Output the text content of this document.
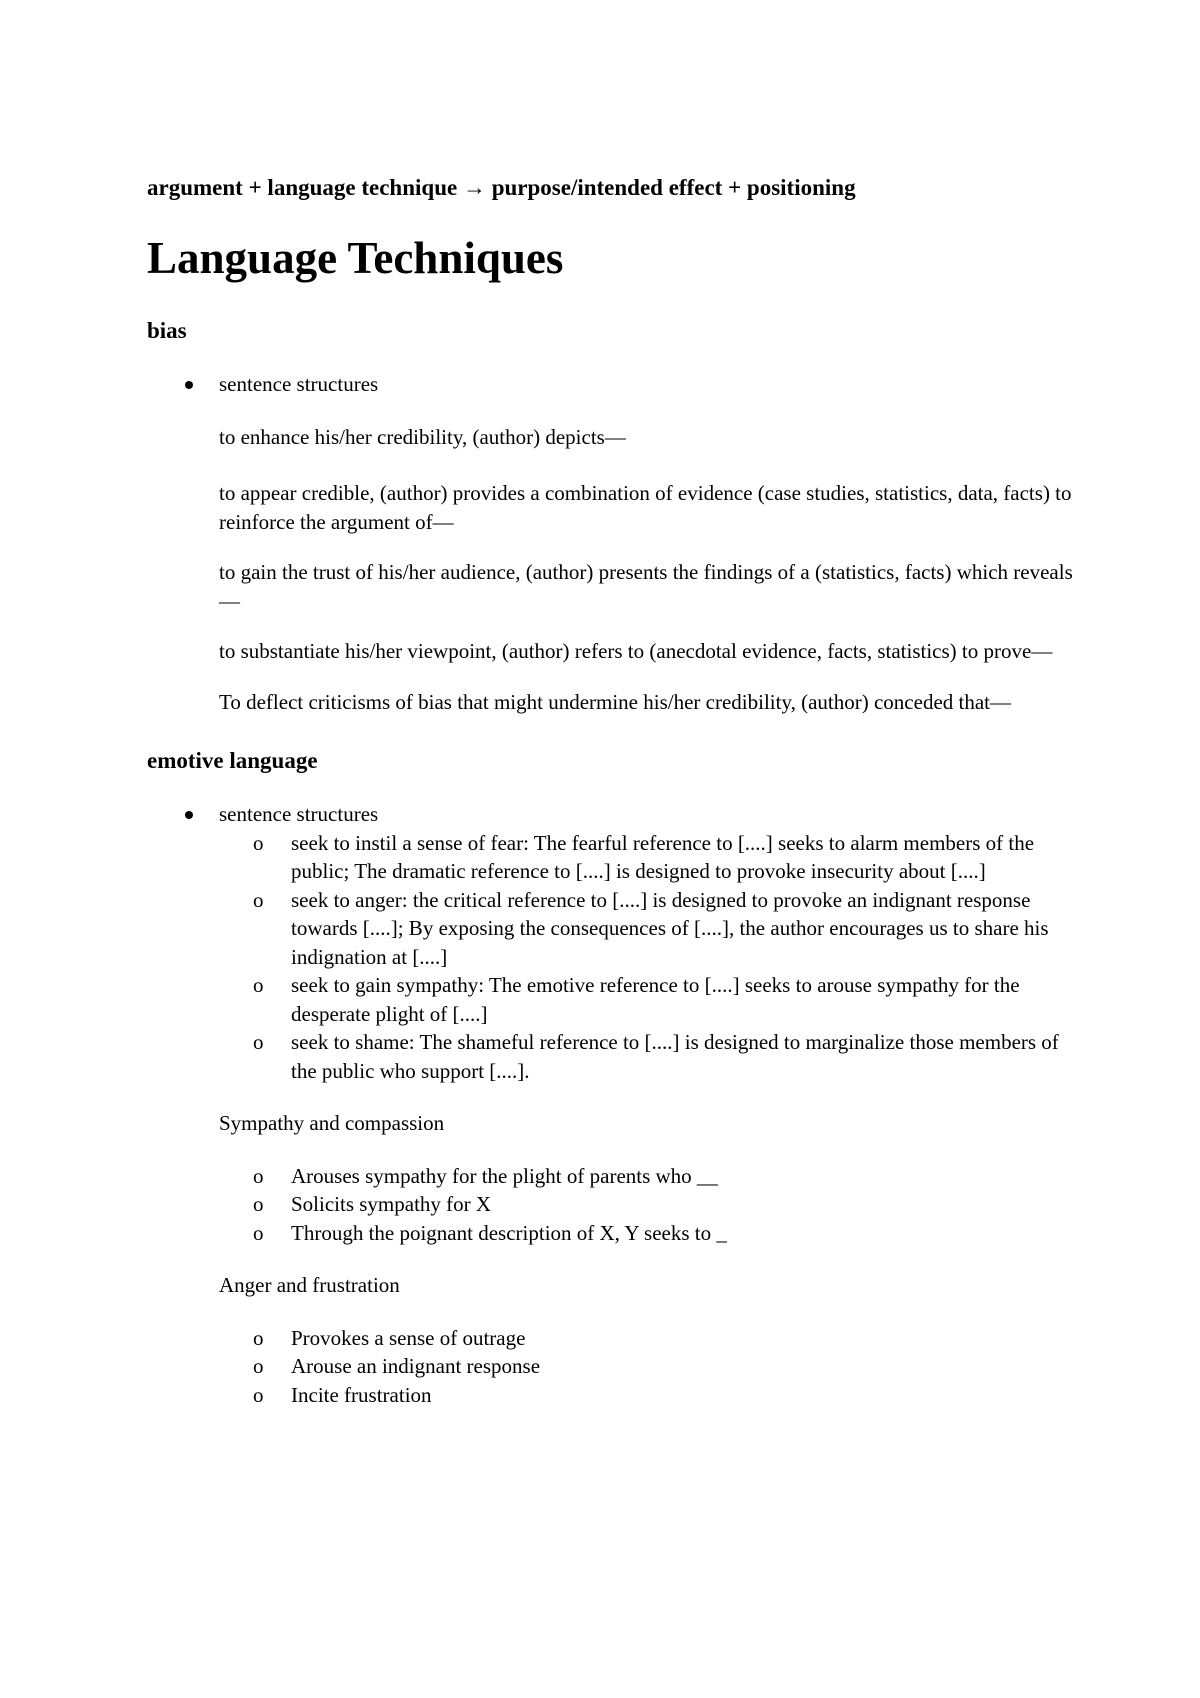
argument + language technique → purpose/intended effect + positioning

Language Techniques
bias
sentence structures

to enhance his/her credibility, (author) depicts—

to appear credible, (author) provides a combination of evidence (case studies, statistics, data, facts) to reinforce the argument of—

to gain the trust of his/her audience, (author) presents the findings of a (statistics, facts) which reveals—

to substantiate his/her viewpoint, (author) refers to (anecdotal evidence, facts, statistics) to prove—

To deflect criticisms of bias that might undermine his/her credibility, (author) conceded that—

emotive language
sentence structures
o seek to instil a sense of fear: The fearful reference to [....] seeks to alarm members of the public; The dramatic reference to [....] is designed to provoke insecurity about [....]
o seek to anger: the critical reference to [....] is designed to provoke an indignant response towards [....]; By exposing the consequences of [....], the author encourages us to share his indignation at [....]
o seek to gain sympathy: The emotive reference to [....] seeks to arouse sympathy for the desperate plight of [....]
o seek to shame: The shameful reference to [....] is designed to marginalize those members of the public who support [....].

Sympathy and compassion

o Arouses sympathy for the plight of parents who __
o Solicits sympathy for X
o Through the poignant description of X, Y seeks to _

Anger and frustration

o Provokes a sense of outrage
o Arouse an indignant response
o Incite frustration
